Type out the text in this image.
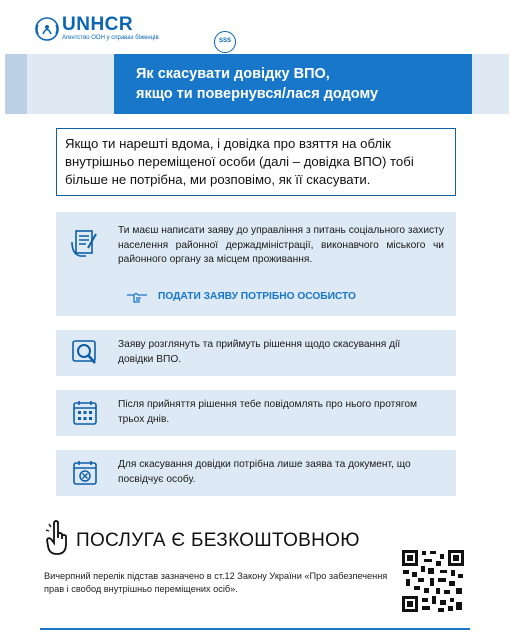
UNHCR
Агентство ООН у справах біженців	SSS
Як скасувати довідку ВПО,
якщо ти повернувся/лася додому
Якщо ти нарешті вдома, і довідка про взяття на облік внутрішньо переміщеної особи (далі – довідка ВПО) тобі більше не потрібна, ми розповімо, як її скасувати.
Ти маєш написати заяву до управління з питань соціального захисту населення районної держадміністрації, виконавчого міського чи районного органу за місцем проживання.
ПОДАТИ ЗАЯВУ ПОТРІБНО ОСОБИСТО
Заяву розглянуть та приймуть рішення щодо скасування дії довідки ВПО.
Після прийняття рішення тебе повідомлять про нього протягом трьох днів.
Для скасування довідки потрібна лише заява та документ, що посвідчує особу.
ПОСЛУГА Є БЕЗКОШТОВНОЮ
Вичерпний перелік підстав зазначено в ст.12 Закону України «Про забезпечення прав і свобод внутрішньо переміщених осіб».
